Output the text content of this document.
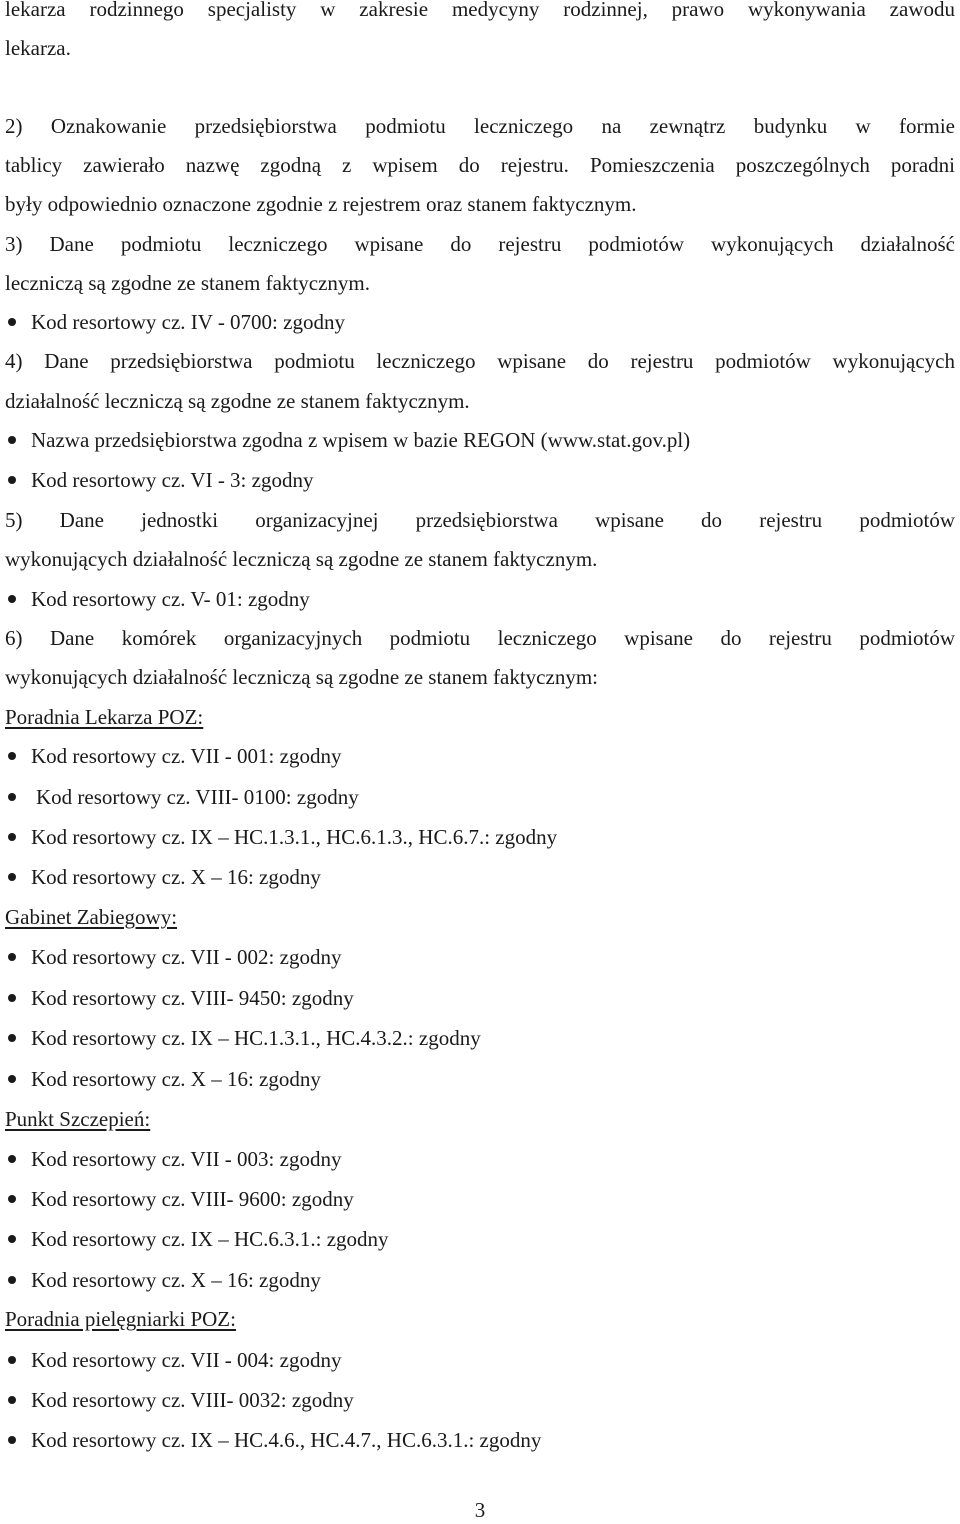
lekarza rodzinnego specjalisty w zakresie medycyny rodzinnej, prawo wykonywania zawodu
lekarza.
2) Oznakowanie przedsiębiorstwa podmiotu leczniczego na zewnątrz budynku w formie
tablicy zawierało nazwę zgodną z wpisem do rejestru. Pomieszczenia poszczególnych poradni
były odpowiednio oznaczone zgodnie z rejestrem oraz stanem faktycznym.
3) Dane podmiotu leczniczego wpisane do rejestru podmiotów wykonujących działalność
leczniczą są zgodne ze stanem faktycznym.
Kod resortowy cz. IV - 0700: zgodny
4) Dane przedsiębiorstwa podmiotu leczniczego wpisane do rejestru podmiotów wykonujących
działalność leczniczą są zgodne ze stanem faktycznym.
Nazwa przedsiębiorstwa zgodna z wpisem w bazie REGON (www.stat.gov.pl)
Kod resortowy cz. VI - 3: zgodny
5) Dane jednostki organizacyjnej przedsiębiorstwa wpisane do rejestru podmiotów
wykonujących działalność leczniczą są zgodne ze stanem faktycznym.
Kod resortowy cz. V- 01: zgodny
6) Dane komórek organizacyjnych podmiotu leczniczego wpisane do rejestru podmiotów
wykonujących działalność leczniczą są zgodne ze stanem faktycznym:
Poradnia Lekarza POZ:
Kod resortowy cz. VII - 001: zgodny
Kod resortowy cz. VIII- 0100: zgodny
Kod resortowy cz. IX – HC.1.3.1., HC.6.1.3., HC.6.7.: zgodny
Kod resortowy cz. X – 16: zgodny
Gabinet Zabiegowy:
Kod resortowy cz. VII - 002: zgodny
Kod resortowy cz. VIII- 9450: zgodny
Kod resortowy cz. IX – HC.1.3.1., HC.4.3.2.: zgodny
Kod resortowy cz. X – 16: zgodny
Punkt Szczepień:
Kod resortowy cz. VII - 003: zgodny
Kod resortowy cz. VIII- 9600: zgodny
Kod resortowy cz. IX – HC.6.3.1.: zgodny
Kod resortowy cz. X – 16: zgodny
Poradnia pielęgniarki POZ:
Kod resortowy cz. VII - 004: zgodny
Kod resortowy cz. VIII- 0032: zgodny
Kod resortowy cz. IX – HC.4.6., HC.4.7., HC.6.3.1.: zgodny
3
